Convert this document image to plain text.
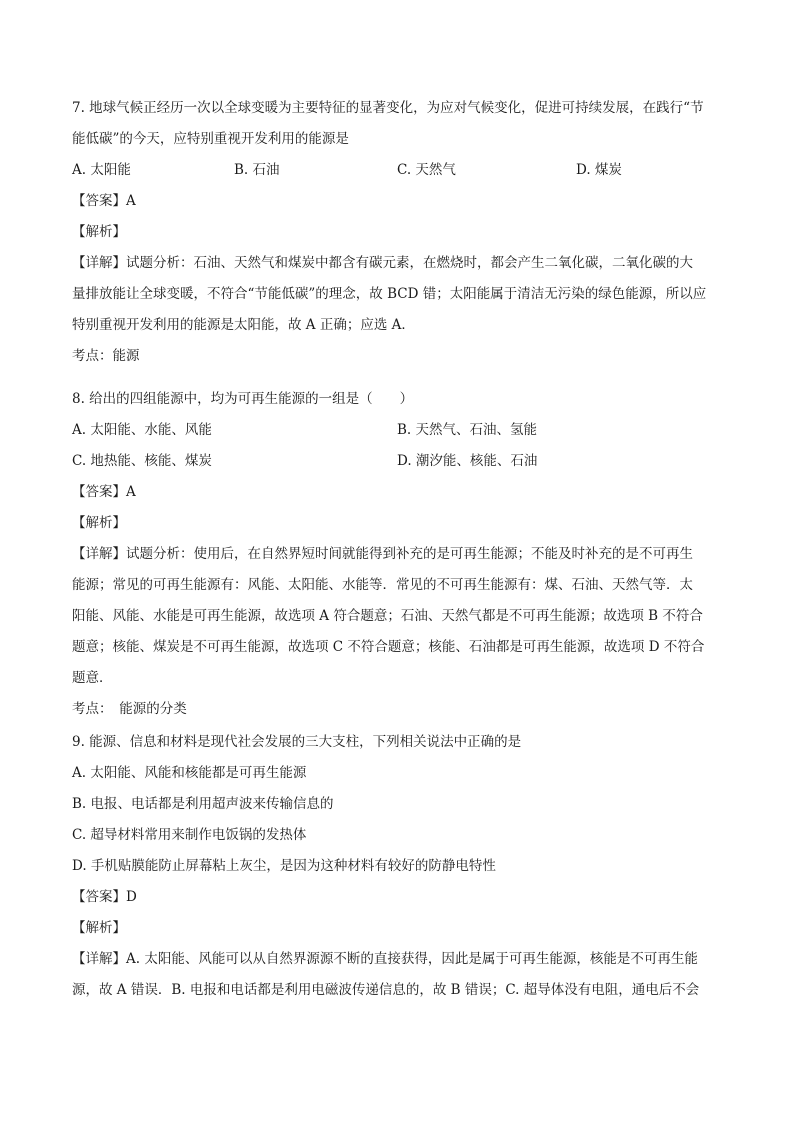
7. 地球气候正经历一次以全球变暖为主要特征的显著变化，为应对气候变化，促进可持续发展，在践行“节
能低碳”的今天，应特别重视开发利用的能源是
A. 太阳能	B. 石油	C. 天然气	D. 煤炭
【答案】A
【解析】
【详解】试题分析：石油、天然气和煤炭中都含有碳元素，在燃烧时，都会产生二氧化碳，二氧化碳的大
量排放能让全球变暖，不符合“节能低碳”的理念，故 BCD 错；太阳能属于清洁无污染的绿色能源，所以应
特别重视开发利用的能源是太阳能，故 A 正确；应选 A．
考点：能源
8. 给出的四组能源中，均为可再生能源的一组是（　　）
A. 太阳能、水能、风能	B. 天然气、石油、氢能
C. 地热能、核能、煤炭	D. 潮汐能、核能、石油
【答案】A
【解析】
【详解】试题分析：使用后，在自然界短时间就能得到补充的是可再生能源；不能及时补充的是不可再生
能源；常见的可再生能源有：风能、太阳能、水能等．常见的不可再生能源有：煤、石油、天然气等．太
阳能、风能、水能是可再生能源，故选项 A 符合题意；石油、天然气都是不可再生能源；故选项 B 不符合
题意；核能、煤炭是不可再生能源，故选项 C 不符合题意；核能、石油都是可再生能源，故选项 D 不符合
题意．
考点：　能源的分类
9. 能源、信息和材料是现代社会发展的三大支柱，下列相关说法中正确的是
A. 太阳能、风能和核能都是可再生能源
B. 电报、电话都是利用超声波来传输信息的
C. 超导材料常用来制作电饭锅的发热体
D. 手机贴膜能防止屏幕粘上灰尘，是因为这种材料有较好的防静电特性
【答案】D
【解析】
【详解】A. 太阳能、风能可以从自然界源源不断的直接获得，因此是属于可再生能源，核能是不可再生能
源，故 A 错误．B. 电报和电话都是利用电磁波传递信息的，故 B 错误；C. 超导体没有电阻，通电后不会
